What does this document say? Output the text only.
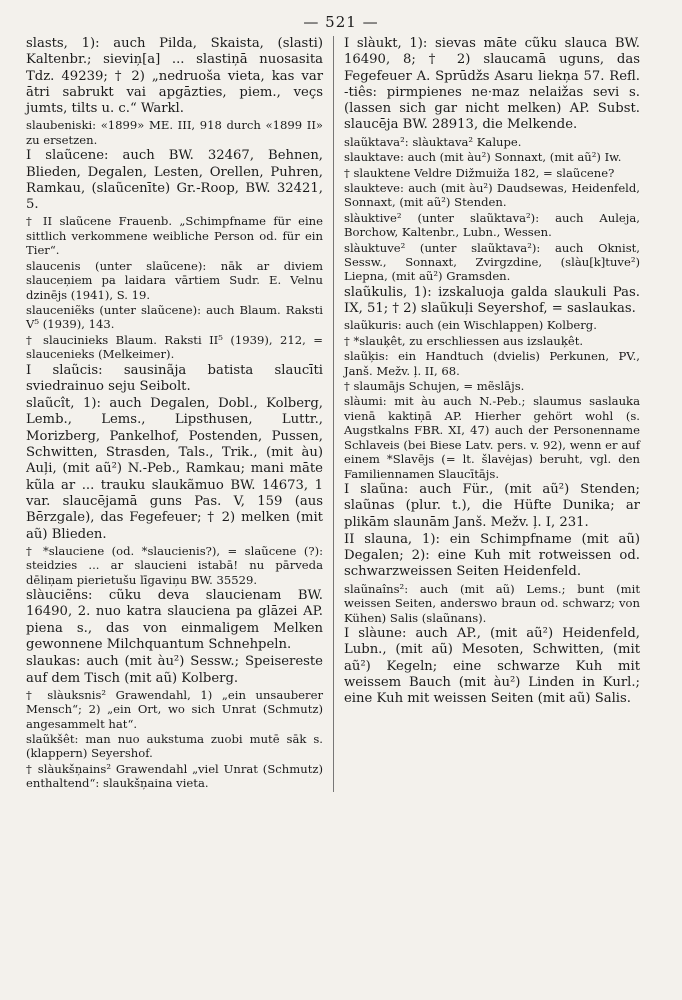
— 521 —

slasts, 1): auch Pilda, Skaista, (slasti) Kaltenbr.; sieviņ[a] ... slastiņā nuosasita Tdz. 49239; † 2) „nedruoša vieta, kas var ātri sabrukt vai apgāzties, piem., veçs jumts, tilts u. c.“ Warkl.

slaubeniski: «1899» ME. III, 918 durch «1899 II» zu ersetzen.

I slaũcene: auch BW. 32467, Behnen, Blieden, Degalen, Lesten, Orellen, Puhren, Ramkau, (slaũcenīte) Gr.-Roop, BW. 32421, 5.

† II slaũcene Frauenb. „Schimpfname für eine sittlich verkommene weibliche Person od. für ein Tier“.

slaucenis (unter slaũcene): nāk ar diviem slauceņiem pa laidara vārtiem Sudr. E. Velnu dzinējs (1941), S. 19.

slauceniẽks (unter slaũcene): auch Blaum. Raksti V⁵ (1939), 143.

† slaucinieks Blaum. Raksti II⁵ (1939), 212, = slaucenieks (Melkeimer).

I slaũcis: sausinãja batista slaucīti sviedrainuo seju Seibolt.

slaũcît, 1): auch Degalen, Dobl., Kolberg, Lemb., Lems., Lipsthusen, Luttr., Morizberg, Pankelhof, Postenden, Pussen, Schwitten, Strasden, Tals., Trik., (mit àu) Auļi, (mit aũ²) N.-Peb., Ramkau; mani māte kũla ar ... trauku slaukãmuo BW. 14673, 1 var. slaucējamā guns Pas. V, 159 (aus Bērzgale), das Fegefeuer; † 2) melken (mit aũ) Blieden.

† *slauciene (od. *slaucienis?), = slaũcene (?): steidzies ... ar slaucieni istabā! nu pārveda dēliņam pierietušu līgaviņu BW. 35529.

slàuciẽns: cũku deva slaucienam BW. 16490, 2. nuo katra slauciena pa glāzei AP. piena s., das von einmaligem Melken gewonnene Milchquantum Schnehpeln.

slaukas: auch (mit àu²) Sessw.; Speisereste auf dem Tisch (mit aũ) Kolberg.

† slàuksnis² Grawendahl, 1) „ein unsauberer Mensch“; 2) „ein Ort, wo sich Unrat (Schmutz) angesammelt hat“.

slaũkšêt: man nuo aukstuma zuobi mutē sāk s. (klappern) Seyershof.

† slàukšņains² Grawendahl „viel Unrat (Schmutz) enthaltend“: slaukšņaina vieta.

I slàukt, 1): sievas māte cũku slauca BW. 16490, 8; † 2) slaucamā uguns, das Fegefeuer A. Sprūdžs Asaru liekņa 57. Refl. -tiês: pirmpienes ne·maz nelaižas sevi s. (lassen sich gar nicht melken) AP. Subst. slaucēja BW. 28913, die Melkende.

slaũktava²: slàuktava² Kalupe.

slauktave: auch (mit àu²) Sonnaxt, (mit aũ²) Iw.

† slauktene Veldre Dižmuiža 182, = slaũcene?

slaukteve: auch (mit àu²) Daudsewas, Heidenfeld, Sonnaxt, (mit aũ²) Stenden.

slàuktive² (unter slaũktava²): auch Auleja, Borchow, Kaltenbr., Lubn., Wessen.

slàuktuve² (unter slaũktava²): auch Oknist, Sessw., Sonnaxt, Zvirgzdine, (slàu[k]tuve²) Liepna, (mit aũ²) Gramsden.

slaũkulis, 1): izskaluoja galda slaukuli Pas. IX, 51; † 2) slaũkuļi Seyershof, = saslaukas.

slaũkuris: auch (ein Wischlappen) Kolberg.

† *slauķêt, zu erschliessen aus izslauķêt.

slaũķis: ein Handtuch (dvielis) Perkunen, PV., Janš. Mežv. ļ. II, 68.

† slaumājs Schujen, = mẽslājs.

slàumi: mit àu auch N.-Peb.; slaumus saslauka vienā kaktiņā AP. Hierher gehört wohl (s. Augstkalns FBR. XI, 47) auch der Personenname Schlaveis (bei Biese Latv. pers. v. 92), wenn er auf einem *Slavējs (= lt. šlavėjas) beruht, vgl. den Familiennamen Slaucītājs.

I slaũna: auch Für., (mit aũ²) Stenden; slaũnas (plur. t.), die Hüfte Dunika; ar plikām slaunām Janš. Mežv. ļ. I, 231.

II slauna, 1): ein Schimpfname (mit aũ) Degalen; 2): eine Kuh mit rotweissen od. schwarzweissen Seiten Heidenfeld.

slaũnaîns²: auch (mit aũ) Lems.; bunt (mit weissen Seiten, anderswo braun od. schwarz; von Kühen) Salis (slaũnans).

I slàune: auch AP., (mit aũ²) Heidenfeld, Lubn., (mit aũ) Mesoten, Schwitten, (mit aũ²) Kegeln; eine schwarze Kuh mit weissem Bauch (mit àu²) Linden in Kurl.; eine Kuh mit weissen Seiten (mit aũ) Salis.
